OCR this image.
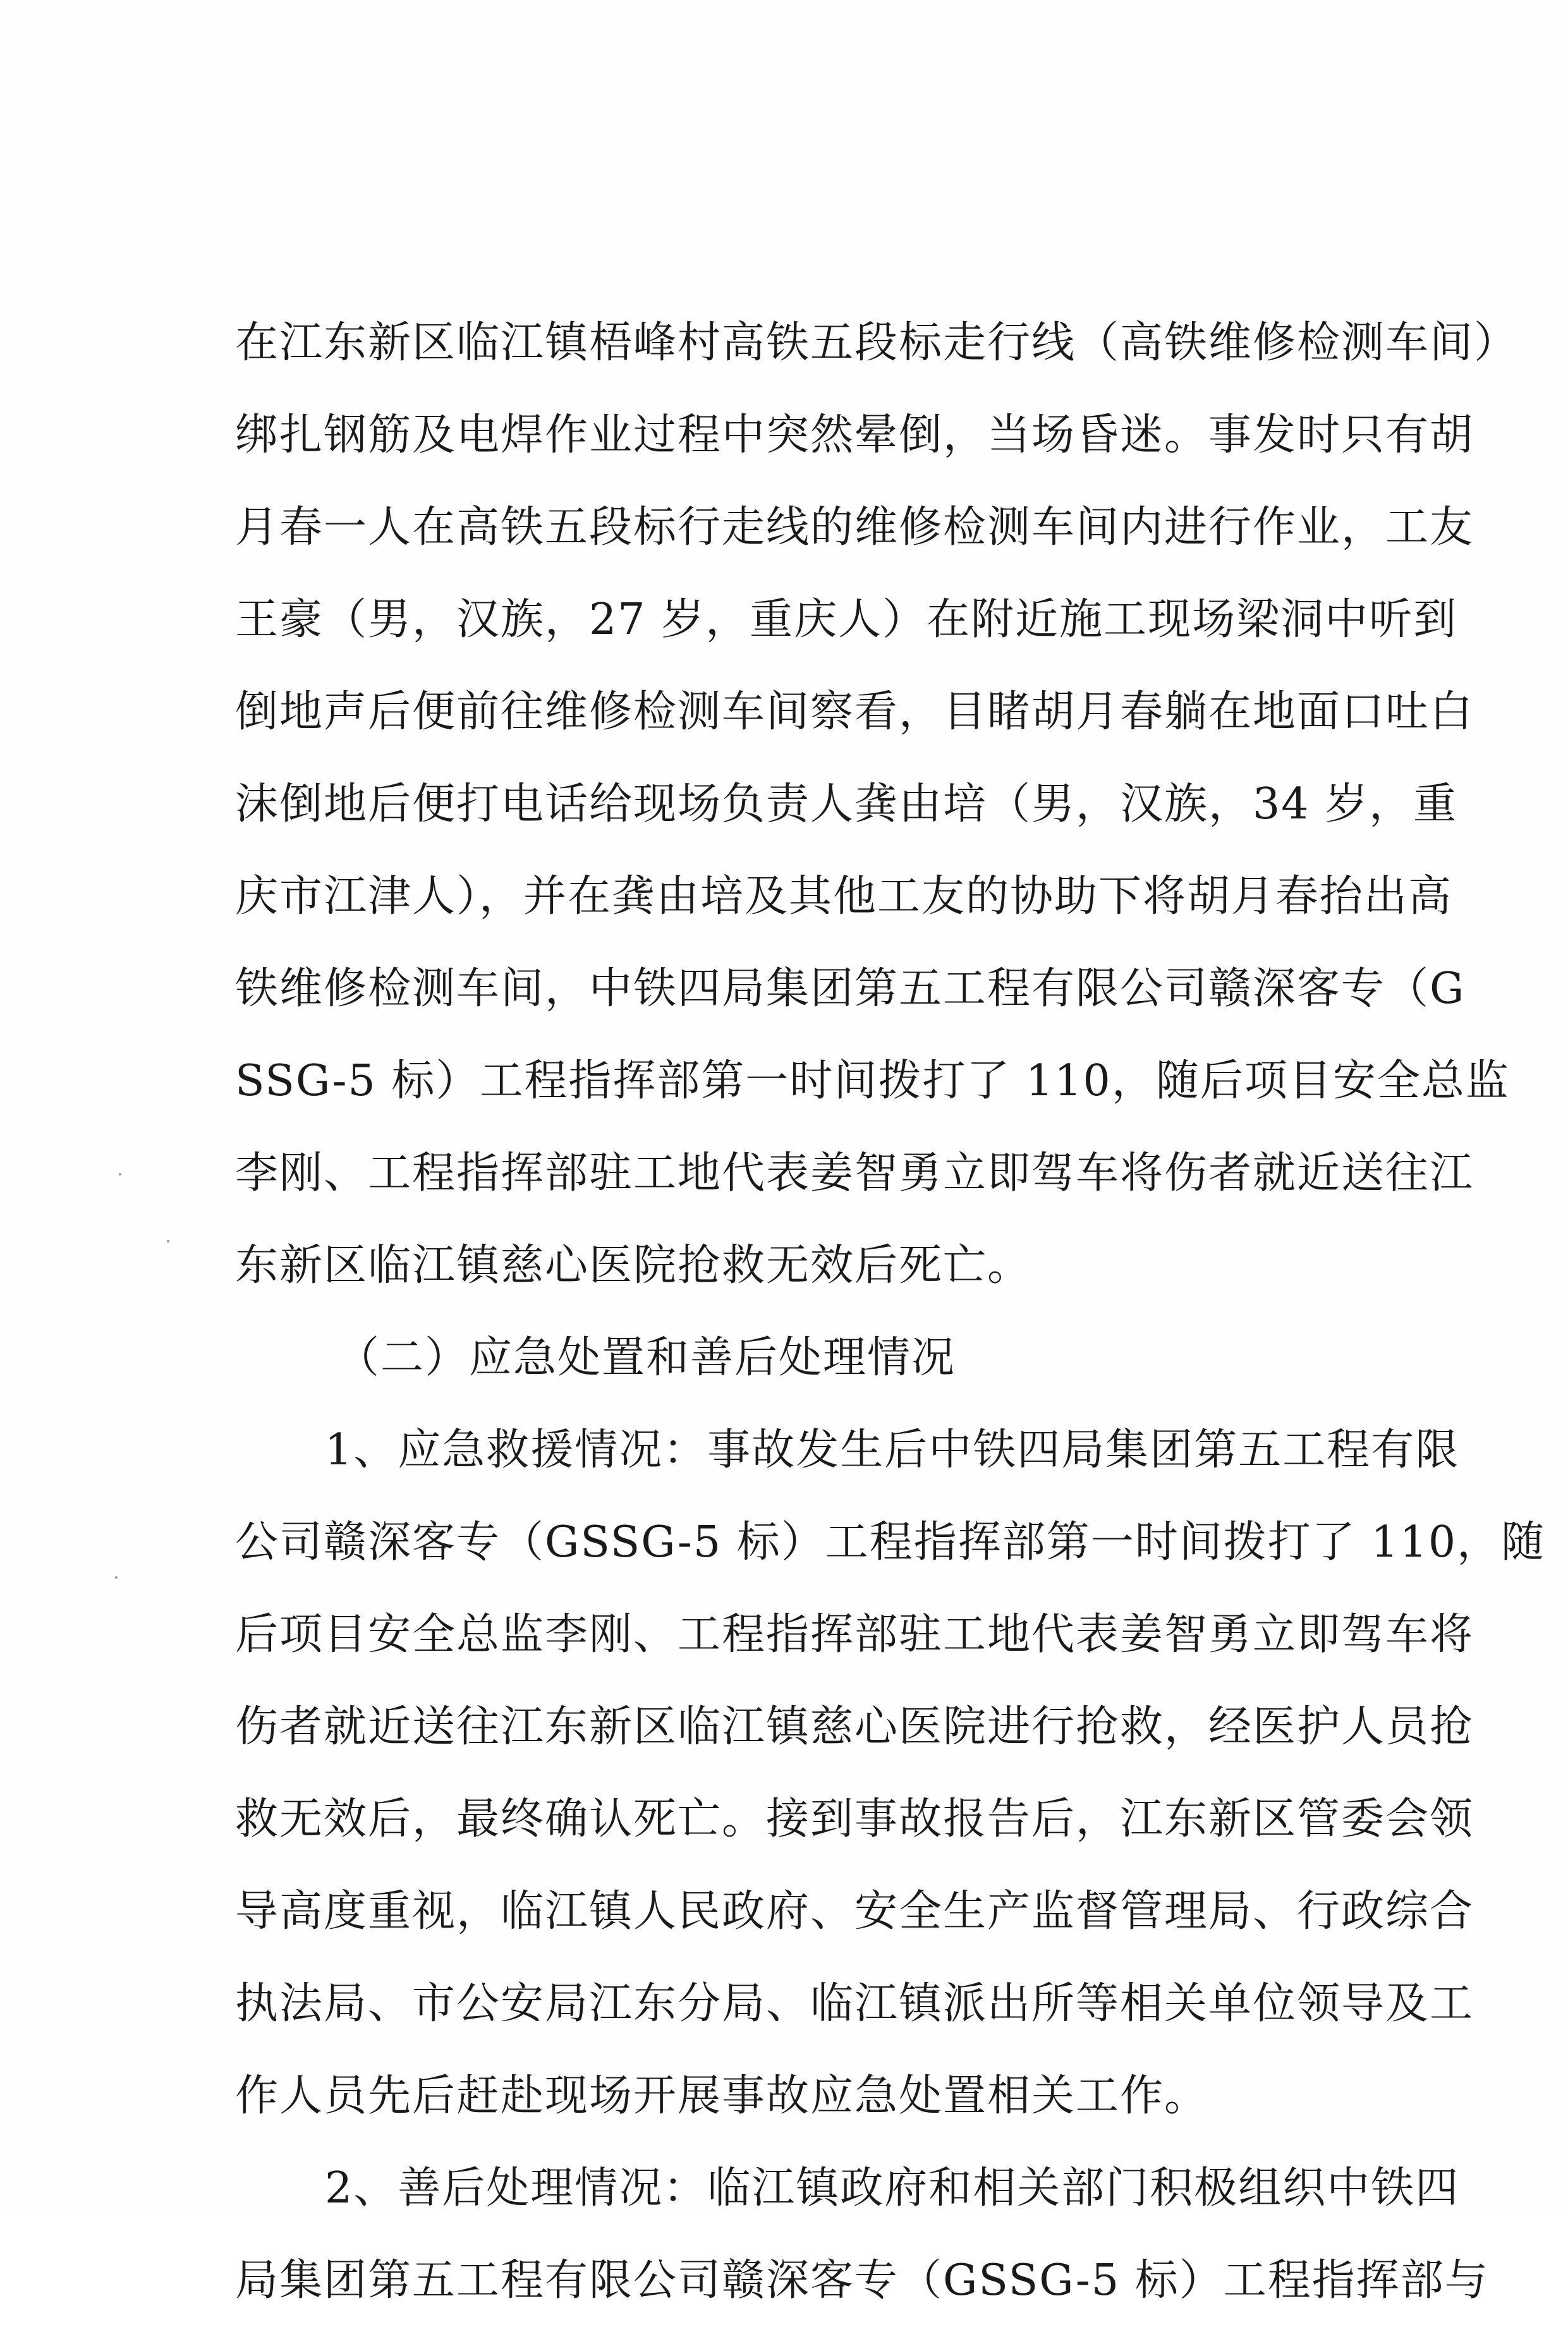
在江东新区临江镇梧峰村高铁五段标走行线（高铁维修检测车间）
绑扎钢筋及电焊作业过程中突然晕倒，当场昏迷。事发时只有胡
月春一人在高铁五段标行走线的维修检测车间内进行作业，工友
王豪（男，汉族，27 岁，重庆人）在附近施工现场梁洞中听到
倒地声后便前往维修检测车间察看，目睹胡月春躺在地面口吐白
沫倒地后便打电话给现场负责人龚由培（男，汉族，34 岁，重
庆市江津人），并在龚由培及其他工友的协助下将胡月春抬出高
铁维修检测车间，中铁四局集团第五工程有限公司赣深客专（G
SSG-5 标）工程指挥部第一时间拨打了 110，随后项目安全总监
李刚、工程指挥部驻工地代表姜智勇立即驾车将伤者就近送往江
东新区临江镇慈心医院抢救无效后死亡。
（二）应急处置和善后处理情况
1、应急救援情况：事故发生后中铁四局集团第五工程有限
公司赣深客专（GSSG-5 标）工程指挥部第一时间拨打了 110，随
后项目安全总监李刚、工程指挥部驻工地代表姜智勇立即驾车将
伤者就近送往江东新区临江镇慈心医院进行抢救，经医护人员抢
救无效后，最终确认死亡。接到事故报告后，江东新区管委会领
导高度重视，临江镇人民政府、安全生产监督管理局、行政综合
执法局、市公安局江东分局、临江镇派出所等相关单位领导及工
作人员先后赶赴现场开展事故应急处置相关工作。
2、善后处理情况：临江镇政府和相关部门积极组织中铁四
局集团第五工程有限公司赣深客专（GSSG-5 标）工程指挥部与
